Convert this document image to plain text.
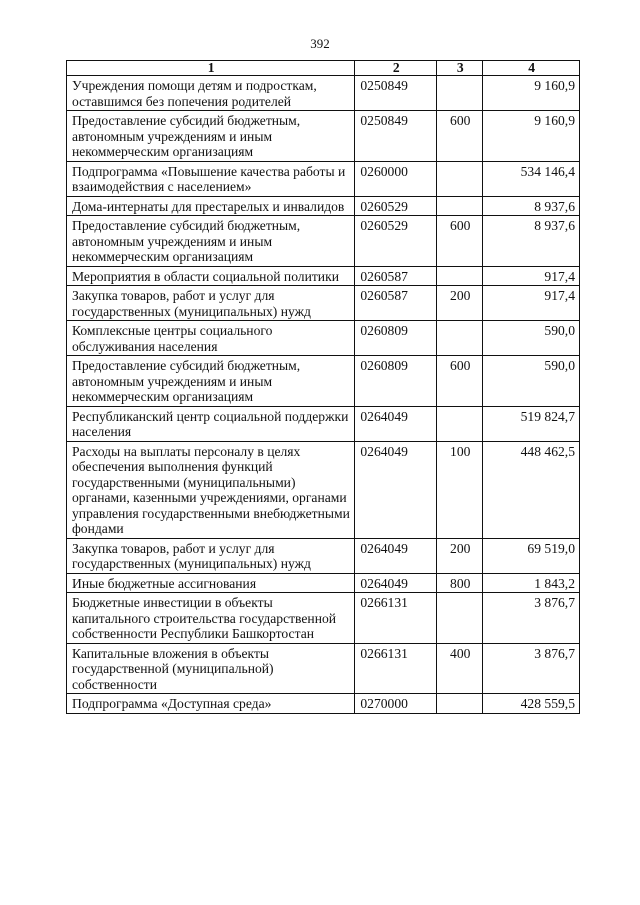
392
1	2	3	4
Учреждения помощи детям и подросткам, оставшимся без попечения родителей	0250849		9 160,9
Предоставление субсидий бюджетным, автономным учреждениям и иным некоммерческим организациям	0250849	600	9 160,9
Подпрограмма «Повышение качества работы и взаимодействия с населением»	0260000		534 146,4
Дома-интернаты для престарелых и инвалидов	0260529		8 937,6
Предоставление субсидий бюджетным, автономным учреждениям и иным некоммерческим организациям	0260529	600	8 937,6
Мероприятия в области социальной политики	0260587		917,4
Закупка товаров, работ и услуг для государственных (муниципальных) нужд	0260587	200	917,4
Комплексные центры социального обслуживания населения	0260809		590,0
Предоставление субсидий бюджетным, автономным учреждениям и иным некоммерческим организациям	0260809	600	590,0
Республиканский центр социальной поддержки населения	0264049		519 824,7
Расходы на выплаты персоналу в целях обеспечения выполнения функций государственными (муниципальными) органами, казенными учреждениями, органами управления государственными внебюджетными фондами	0264049	100	448 462,5
Закупка товаров, работ и услуг для государственных (муниципальных) нужд	0264049	200	69 519,0
Иные бюджетные ассигнования	0264049	800	1 843,2
Бюджетные инвестиции в объекты капитального строительства государственной собственности Республики Башкортостан	0266131		3 876,7
Капитальные вложения в объекты государственной (муниципальной) собственности	0266131	400	3 876,7
Подпрограмма «Доступная среда»	0270000		428 559,5
